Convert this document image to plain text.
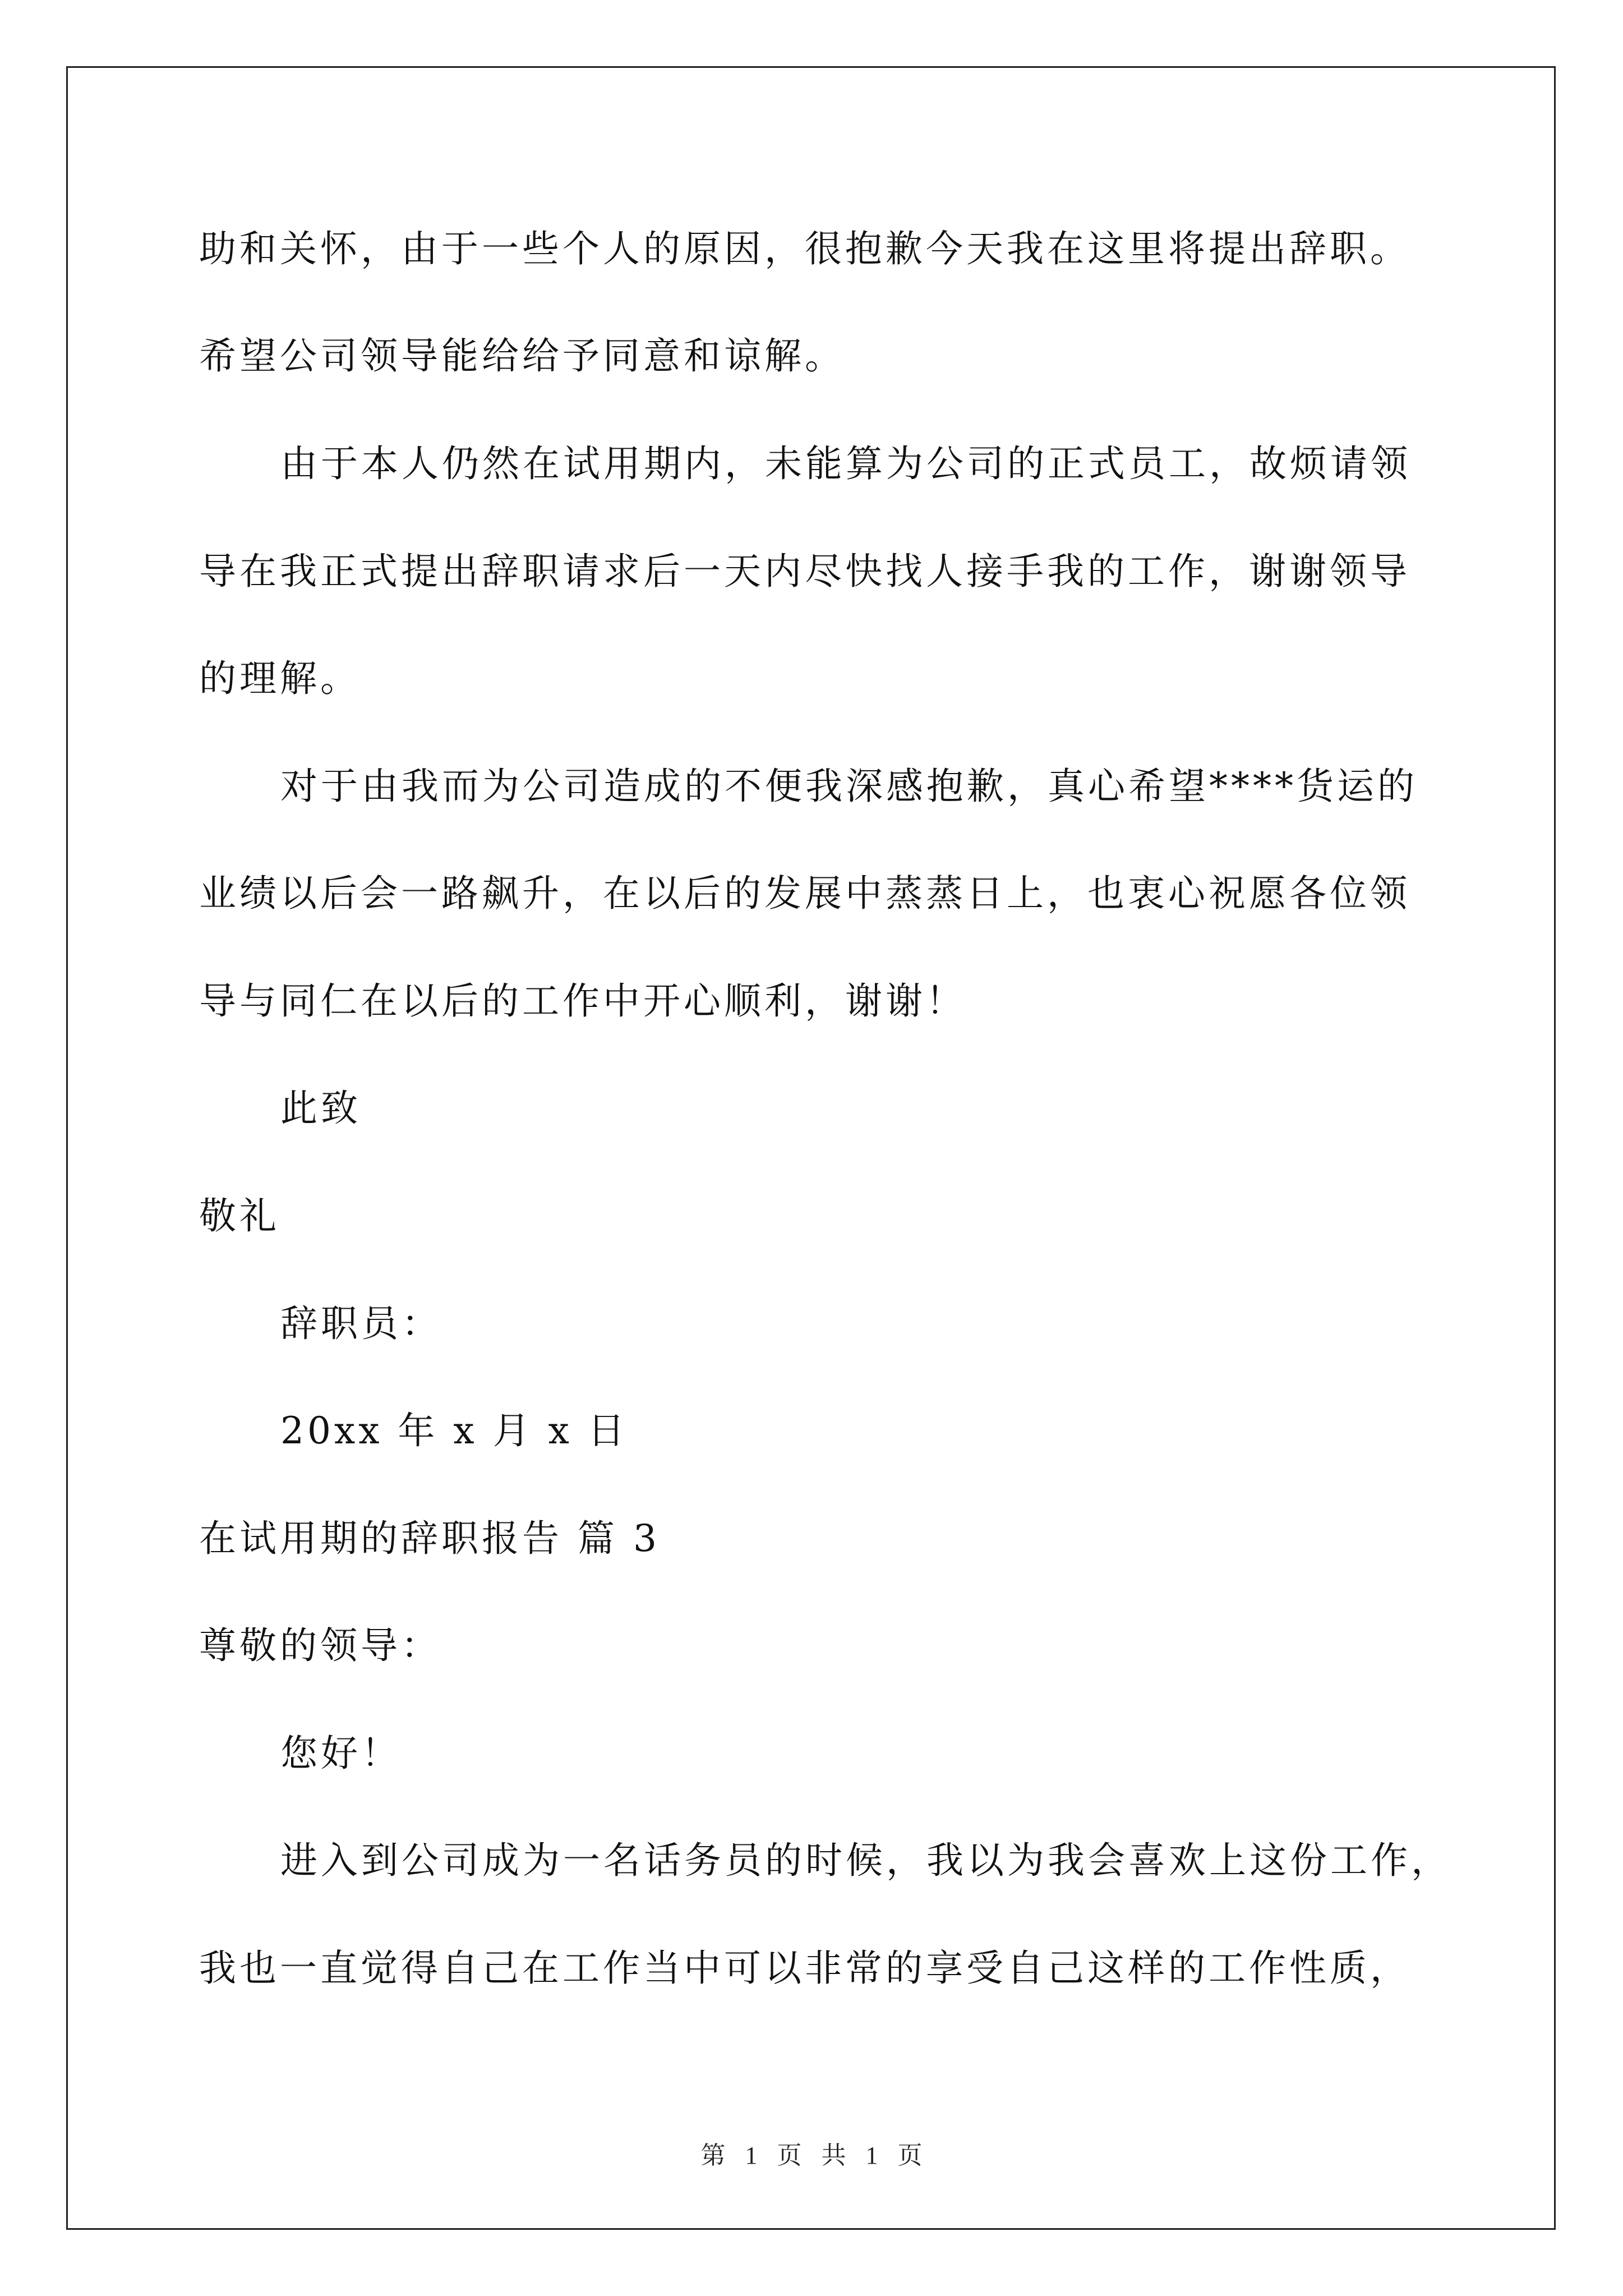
助和关怀，由于一些个人的原因，很抱歉今天我在这里将提出辞职。
希望公司领导能给给予同意和谅解。
由于本人仍然在试用期内，未能算为公司的正式员工，故烦请领
导在我正式提出辞职请求后一天内尽快找人接手我的工作，谢谢领导
的理解。
对于由我而为公司造成的不便我深感抱歉，真心希望****货运的
业绩以后会一路飙升，在以后的发展中蒸蒸日上，也衷心祝愿各位领
导与同仁在以后的工作中开心顺利，谢谢！
此致
敬礼
辞职员：
20xx 年 x 月 x 日
在试用期的辞职报告 篇 3
尊敬的领导：
您好！
进入到公司成为一名话务员的时候，我以为我会喜欢上这份工作，
我也一直觉得自己在工作当中可以非常的享受自己这样的工作性质，
第 1 页 共 1 页
